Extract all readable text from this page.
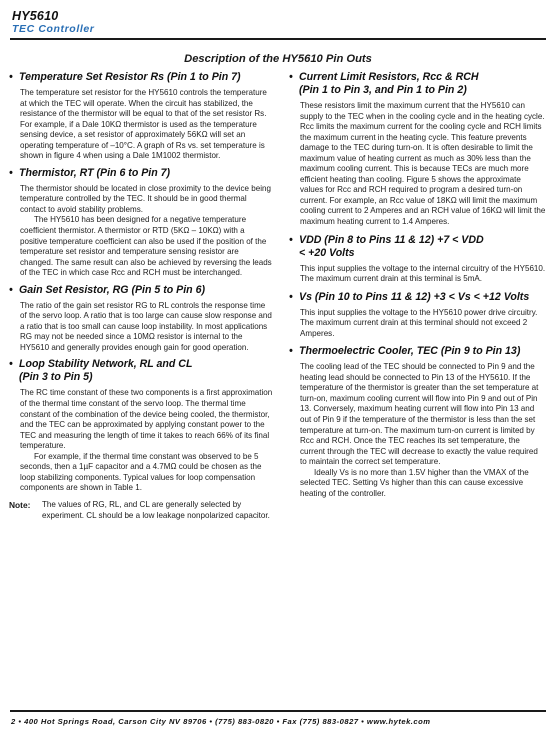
HY5610
TEC Controller
Description of the HY5610 Pin Outs
• Temperature Set Resistor Rs (Pin 1 to Pin 7)

The temperature set resistor for the HY5610 controls the temperature at which the TEC will operate. When the circuit has stabilized, the resistance of the thermistor will be equal to that of the set resistor Rs. For example, if a Dale 10KΩ thermistor is used as the temperature sensing device, a set resistor of approximately 56KΩ will set an operating temperature of –10°C. A graph of Rs vs. set temperature is shown in figure 4 when using a Dale 1M1002 thermistor.

• Thermistor, RT (Pin 6 to Pin 7)

The thermistor should be located in close proximity to the device being temperature controlled by the TEC. It should be in good thermal contact to avoid stability problems.

The HY5610 has been designed for a negative temperature coefficient thermistor. A thermistor or RTD (5KΩ – 10KΩ) with a positive temperature coefficient can also be used if the position of the temperature set resistor and temperature sensing resistor are changed. The same result can also be achieved by reversing the leads of the TEC in which case Rcc and RCH must be interchanged.

• Gain Set Resistor, RG (Pin 5 to Pin 6)

The ratio of the gain set resistor RG to RL controls the response time of the servo loop. A ratio that is too large can cause slow response and a ratio that is too small can cause loop instability. In most applications RG may not be needed since a 10MΩ resistor is internal to the HY5610 and generally provides enough gain for good operation.

• Loop Stability Network, RL and CL
(Pin 3 to Pin 5)

The RC time constant of these two components is a first approximation of the thermal time constant of the servo loop. The thermal time constant of the combination of the device being cooled, the thermistor, and the TEC can be approximated by applying constant power to the TEC and measuring the length of time it takes to reach 66% of its final temperature.

For example, if the thermal time constant was observed to be 5 seconds, then a 1µF capacitor and a 4.7MΩ could be chosen as the loop stabilizing components. Typical values for loop compensation components are shown in Table 1.

Note: The values of RG, RL, and CL are generally selected by experiment. CL should be a low leakage nonpolarized capacitor.
• Current Limit Resistors, Rcc & RCH
(Pin 1 to Pin 3, and Pin 1 to Pin 2)

These resistors limit the maximum current that the HY5610 can supply to the TEC when in the cooling cycle and in the heating cycle. Rcc limits the maximum current for the cooling cycle and RCH limits the maximum current in the heating cycle. This feature prevents damage to the TEC during turn-on. It is often desirable to limit the maximum value of heating current as much as 30% less than the maximum cooling current. This is because TECs are much more efficient heating than cooling. Figure 5 shows the approximate values for Rcc and RCH required to program a desired turn-on current. For example, an Rcc value of 18KΩ will limit the maximum cooling current to 2 Amperes and an RCH value of 16KΩ will limit the maximum heating current to 1.4 Amperes.

• VDD (Pin 8 to Pins 11 & 12) +7 < VDD
< +20 Volts

This input supplies the voltage to the internal circuitry of the HY5610. The maximum current drain at this terminal is 5mA.

• Vs (Pin 10 to Pins 11 & 12) +3 < Vs < +12 Volts

This input supplies the voltage to the HY5610 power drive circuitry. The maximum current drain at this terminal should not exceed 2 Amperes.

• Thermoelectric Cooler, TEC (Pin 9 to Pin 13)

The cooling lead of the TEC should be connected to Pin 9 and the heating lead should be connected to Pin 13 of the HY5610. If the temperature of the thermistor is greater than the set temperature at turn-on, maximum cooling current will flow into Pin 9 and out of Pin 13. Conversely, maximum heating current will flow into Pin 13 and out of Pin 9 if the temperature of the thermistor is less than the set temperature at turn-on. The maximum turn-on current is limited by Rcc and RCH. Once the TEC reaches its set temperature, the current through the TEC will decrease to exactly the value required to maintain the correct set temperature.

Ideally Vs is no more than 1.5V higher than the VMAX of the selected TEC. Setting Vs higher than this can cause excessive heating of the controller.

2 • 400 Hot Springs Road, Carson City NV 89706 • (775) 883-0820 • Fax (775) 883-0827 • www.hytek.com
